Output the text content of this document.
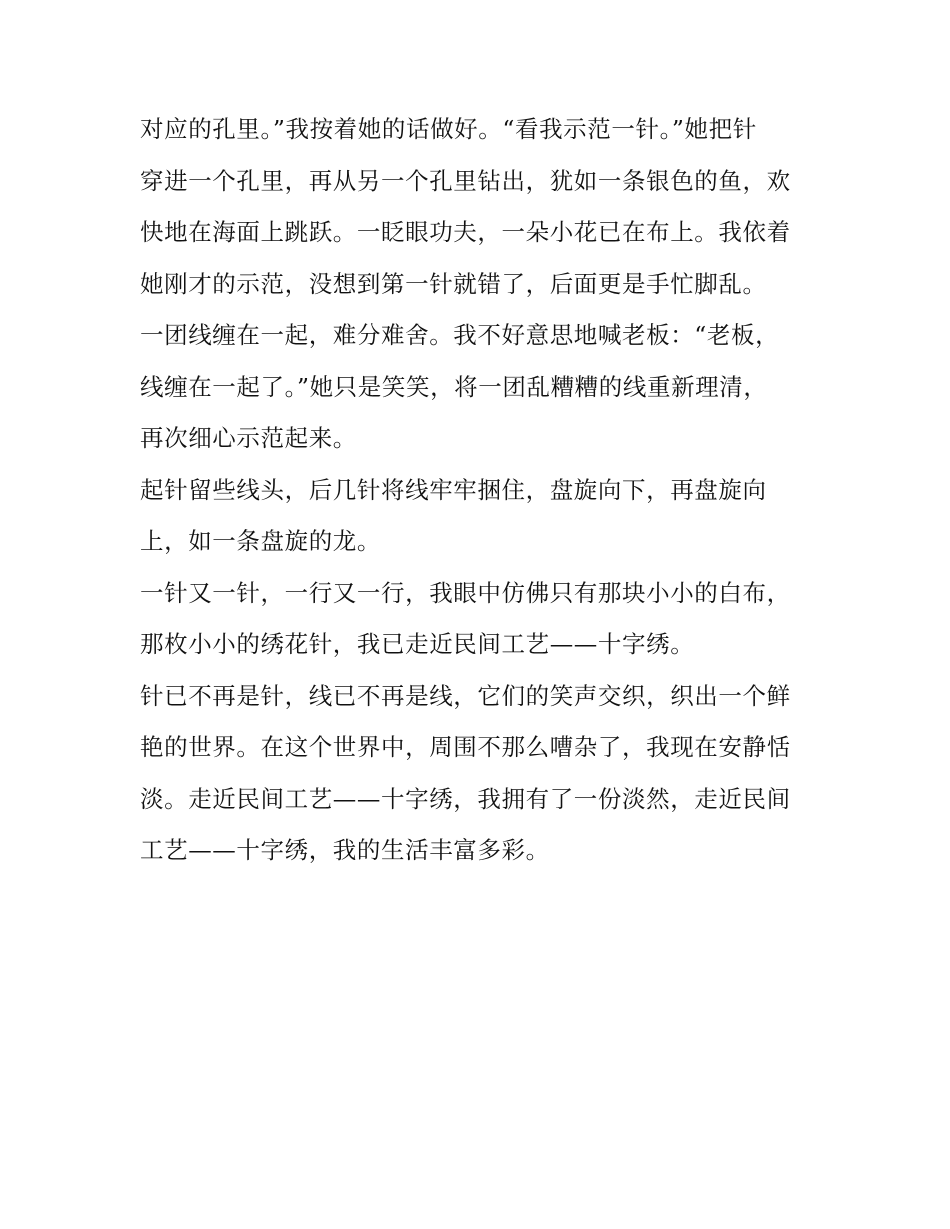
对应的孔里。”我按着她的话做好。“看我示范一针。”她把针
穿进一个孔里，再从另一个孔里钻出，犹如一条银色的鱼，欢
快地在海面上跳跃。一眨眼功夫，一朵小花已在布上。我依着
她刚才的示范，没想到第一针就错了，后面更是手忙脚乱。
一团线缠在一起，难分难舍。我不好意思地喊老板：“老板，
线缠在一起了。”她只是笑笑，将一团乱糟糟的线重新理清，
再次细心示范起来。
起针留些线头，后几针将线牢牢捆住，盘旋向下，再盘旋向
上，如一条盘旋的龙。
一针又一针，一行又一行，我眼中仿佛只有那块小小的白布，
那枚小小的绣花针，我已走近民间工艺——十字绣。
针已不再是针，线已不再是线，它们的笑声交织，织出一个鲜
艳的世界。在这个世界中，周围不那么嘈杂了，我现在安静恬
淡。走近民间工艺——十字绣，我拥有了一份淡然，走近民间
工艺——十字绣，我的生活丰富多彩。
